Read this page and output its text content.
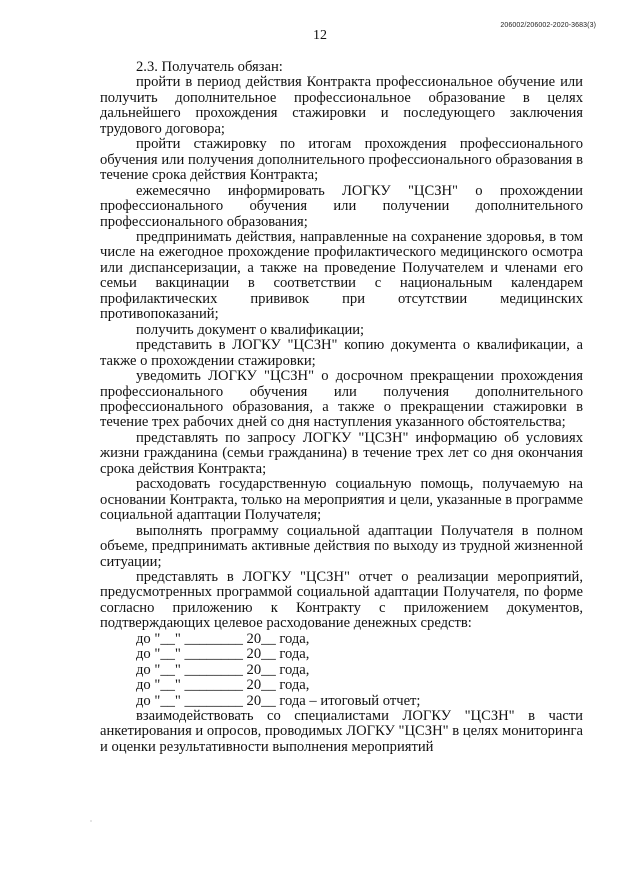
206002/206002-2020-3683(3)
12

2.3. Получатель обязан:

пройти в период действия Контракта профессиональное обучение или получить дополнительное профессиональное образование в целях дальнейшего прохождения стажировки и последующего заключения трудового договора;

пройти стажировку по итогам прохождения профессионального обучения или получения дополнительного профессионального образования в течение срока действия Контракта;

ежемесячно информировать ЛОГКУ "ЦСЗН" о прохождении профессионального обучения или получении дополнительного профессионального образования;

предпринимать действия, направленные на сохранение здоровья, в том числе на ежегодное прохождение профилактического медицинского осмотра или диспансеризации, а также на проведение Получателем и членами его семьи вакцинации в соответствии с национальным календарем профилактических прививок при отсутствии медицинских противопоказаний;

получить документ о квалификации;

представить в ЛОГКУ "ЦСЗН" копию документа о квалификации, а также о прохождении стажировки;

уведомить ЛОГКУ "ЦСЗН" о досрочном прекращении прохождения профессионального обучения или получения дополнительного профессионального образования, а также о прекращении стажировки в течение трех рабочих дней со дня наступления указанного обстоятельства;

представлять по запросу ЛОГКУ "ЦСЗН" информацию об условиях жизни гражданина (семьи гражданина) в течение трех лет со дня окончания срока действия Контракта;

расходовать государственную социальную помощь, получаемую на основании Контракта, только на мероприятия и цели, указанные в программе социальной адаптации Получателя;

выполнять программу социальной адаптации Получателя в полном объеме, предпринимать активные действия по выходу из трудной жизненной ситуации;

представлять в ЛОГКУ "ЦСЗН" отчет о реализации мероприятий, предусмотренных программой социальной адаптации Получателя, по форме согласно приложению к Контракту с приложением документов, подтверждающих целевое расходование денежных средств:

до "__" ________ 20__ года,

до "__" ________ 20__ года,

до "__" ________ 20__ года,

до "__" ________ 20__ года,

до "__" ________ 20__ года – итоговый отчет;

взаимодействовать со специалистами ЛОГКУ "ЦСЗН" в части анкетирования и опросов, проводимых ЛОГКУ "ЦСЗН" в целях мониторинга и оценки результативности выполнения мероприятий
